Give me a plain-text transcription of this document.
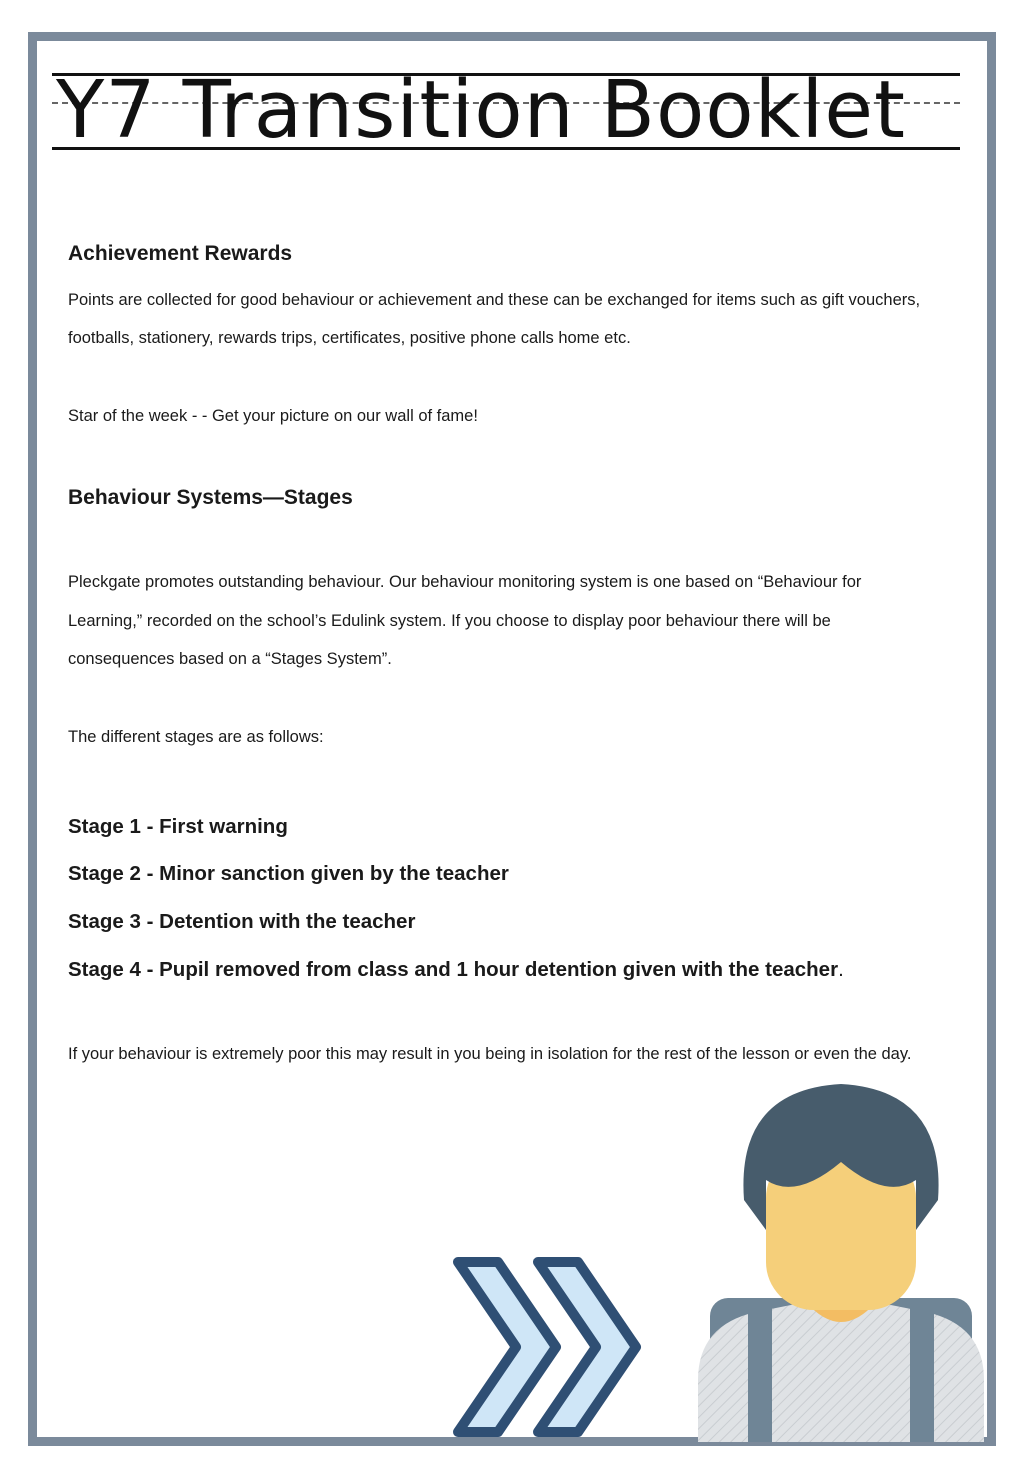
Y7 Transition Booklet
Achievement Rewards
Points are collected for good behaviour or achievement and these can be exchanged for items such as gift vouchers,
footballs, stationery, rewards trips, certificates, positive phone calls home etc.
Star of the week - - Get your picture on our wall of fame!
Behaviour Systems—Stages
Pleckgate promotes outstanding behaviour. Our behaviour monitoring system is one based on “Behaviour for
Learning,” recorded on the school’s Edulink system. If you choose to display poor behaviour there will be
consequences based on a “Stages System”.
The different stages are as follows:
Stage 1 - First warning
Stage 2 - Minor sanction given by the teacher
Stage 3 - Detention with the teacher
Stage 4 - Pupil removed from class and 1 hour detention given with the teacher.
If your behaviour is extremely poor this may result in you being in isolation for the rest of the lesson or even the day.
